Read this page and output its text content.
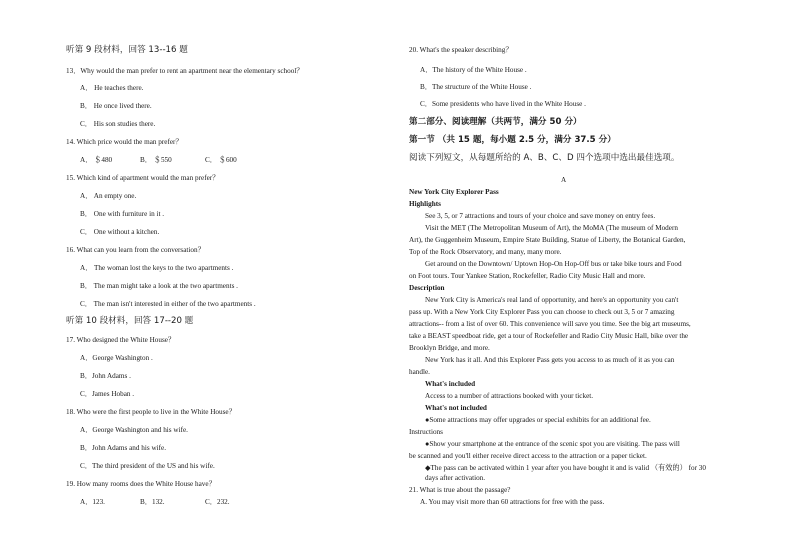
听第 9 段材料，回答 13--16 题
13．Why would the man prefer to rent an apartment near the elementary school？
A． He teaches there.
B． He once lived there.
C． His son studies there.
14. Which price would the man prefer？
A． ＄480	B． ＄550	C． ＄600
15. Which kind of apartment would the man prefer？
A． An empty one.
B． One with furniture in it .
C． One without a kitchen.
16. What can you learn from the conversation？
A． The woman lost the keys to the two apartments .
B． The man might take a look at the two apartments .
C． The man isn't interested in either of the two apartments .
听第 10 段材料，回答 17--20 题
17. Who designed the White House？
A．George Washington .
B．John Adams .
C．James Hoban .
18. Who were the first people to live in the White House？
A．George Washington and his wife.
B．John Adams and his wife.
C．The third president of the US and his wife.
19. How many rooms does the White House have？
A．123.	B．132.	C．232.
20. What's the speaker describing？
A．The history of the White House .
B．The structure of the White House .
C．Some presidents who have lived in the White House .
第二部分、阅读理解（共两节，满分 50 分）
第一节 （共 15 题，每小题 2.5 分，满分 37.5 分）
阅读下列短文，从每题所给的 A、B、C、D 四个选项中选出最佳选项。
A
New York City Explorer Pass
Highlights
See 3, 5, or 7 attractions and tours of your choice and save money on entry fees.
Visit the MET (The Metropolitan Museum of Art), the MoMA (The museum of Modern
Art), the Guggenheim Museum, Empire State Building, Statue of Liberty, the Botanical Garden,
Top of the Rock Observatory, and many, many more.
Get around on the Downtown/ Uptown Hop-On Hop-Off bus or take bike tours and Food
on Foot tours. Tour Yankee Station, Rockefeller, Radio City Music Hall and more.
Description
New York City is America's real land of opportunity, and here's an opportunity you can't
pass up. With a New York City Explorer Pass you can choose to check out 3, 5 or 7 amazing
attractions-- from a list of over 60. This convenience will save you time. See the big art museums,
take a BEAST speedboat ride, get a tour of Rockefeller and Radio City Music Hall, bike over the
Brooklyn Bridge, and more.
New York has it all. And this Explorer Pass gets you access to as much of it as you can
handle.
What's included
Access to a number of attractions booked with your ticket.
What's not included
●Some attractions may offer upgrades or special exhibits for an additional fee.
Instructions
●Show your smartphone at the entrance of the scenic spot you are visiting. The pass will
be scanned and you'll either receive direct access to the attraction or a paper ticket.
◆The pass can be activated within 1 year after you have bought it and is valid （有效的） for 30
days after activation.
21. What is true about the passage?
A. You may visit more than 60 attractions for free with the pass.
